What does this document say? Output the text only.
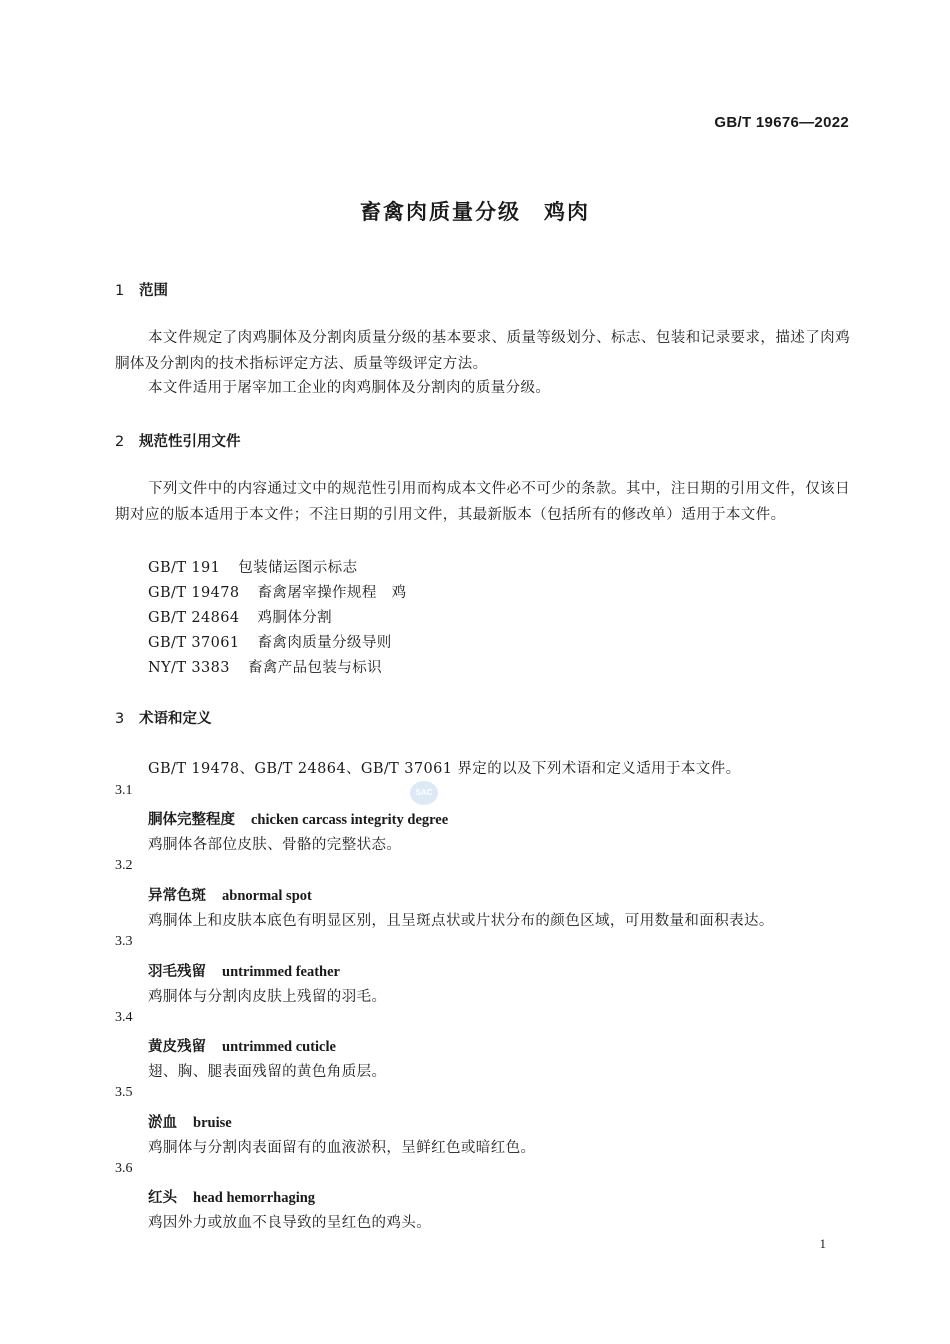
GB/T 19676—2022
畜禽肉质量分级　鸡肉
1 范围
本文件规定了肉鸡胴体及分割肉质量分级的基本要求、质量等级划分、标志、包装和记录要求，描述了肉鸡胴体及分割肉的技术指标评定方法、质量等级评定方法。
本文件适用于屠宰加工企业的肉鸡胴体及分割肉的质量分级。
2 规范性引用文件
下列文件中的内容通过文中的规范性引用而构成本文件必不可少的条款。其中，注日期的引用文件，仅该日期对应的版本适用于本文件；不注日期的引用文件，其最新版本（包括所有的修改单）适用于本文件。
GB/T 191 包装储运图示标志
GB/T 19478 畜禽屠宰操作规程　鸡
GB/T 24864 鸡胴体分割
GB/T 37061 畜禽肉质量分级导则
NY/T 3383 畜禽产品包装与标识
3 术语和定义
GB/T 19478、GB/T 24864、GB/T 37061 界定的以及下列术语和定义适用于本文件。
SAC
3.1
胴体完整程度 chicken carcass integrity degree
鸡胴体各部位皮肤、骨骼的完整状态。
3.2
异常色斑 abnormal spot
鸡胴体上和皮肤本底色有明显区别，且呈斑点状或片状分布的颜色区域，可用数量和面积表达。
3.3
羽毛残留 untrimmed feather
鸡胴体与分割肉皮肤上残留的羽毛。
3.4
黄皮残留 untrimmed cuticle
翅、胸、腿表面残留的黄色角质层。
3.5
淤血 bruise
鸡胴体与分割肉表面留有的血液淤积，呈鲜红色或暗红色。
3.6
红头 head hemorrhaging
鸡因外力或放血不良导致的呈红色的鸡头。
1
